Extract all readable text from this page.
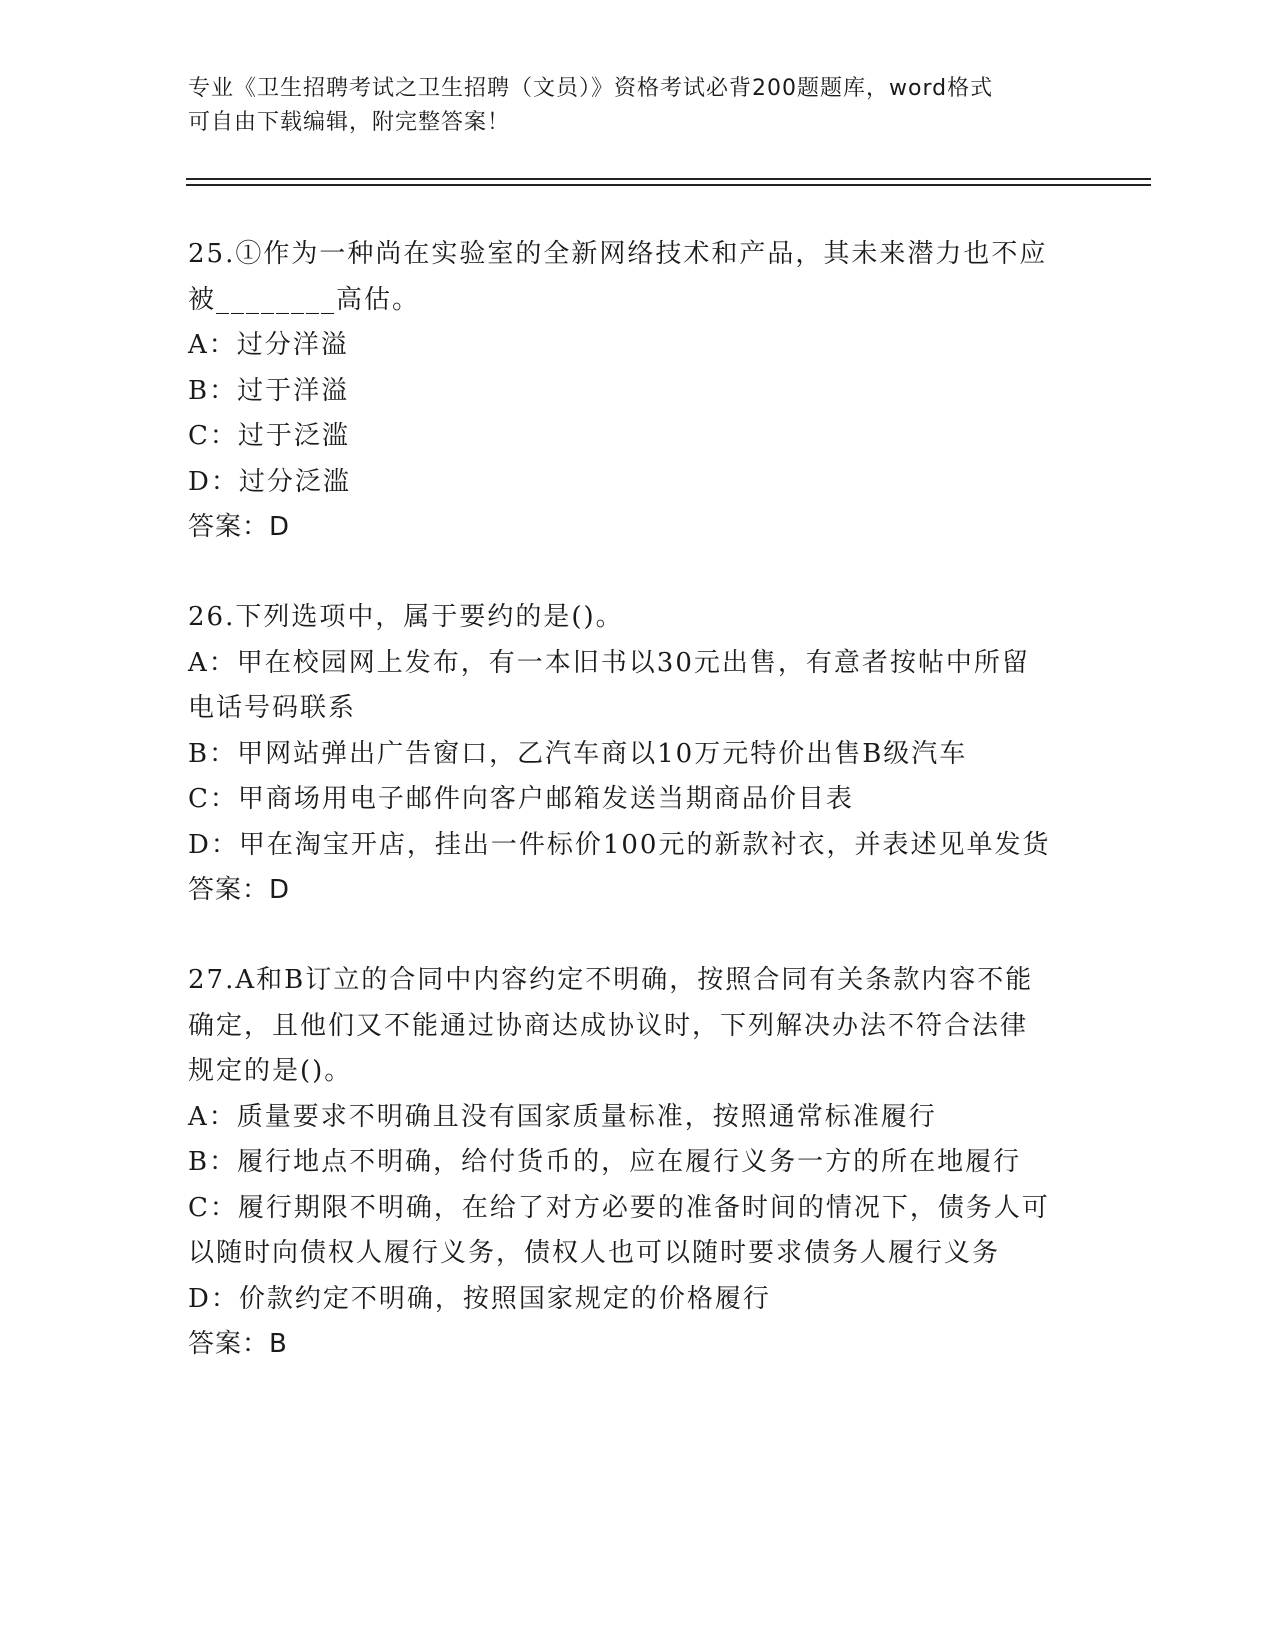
专业《卫生招聘考试之卫生招聘（文员）》资格考试必背200题题库，word格式
可自由下载编辑，附完整答案！
25.①作为一种尚在实验室的全新网络技术和产品，其未来潜力也不应
被________高估。
A：过分洋溢
B：过于洋溢
C：过于泛滥
D：过分泛滥
答案：D
26.下列选项中，属于要约的是()。
A：甲在校园网上发布，有一本旧书以30元出售，有意者按帖中所留
电话号码联系
B：甲网站弹出广告窗口，乙汽车商以10万元特价出售B级汽车
C：甲商场用电子邮件向客户邮箱发送当期商品价目表
D：甲在淘宝开店，挂出一件标价100元的新款衬衣，并表述见单发货
答案：D
27.A和B订立的合同中内容约定不明确，按照合同有关条款内容不能
确定，且他们又不能通过协商达成协议时，下列解决办法不符合法律
规定的是()。
A：质量要求不明确且没有国家质量标准，按照通常标准履行
B：履行地点不明确，给付货币的，应在履行义务一方的所在地履行
C：履行期限不明确，在给了对方必要的准备时间的情况下，债务人可
以随时向债权人履行义务，债权人也可以随时要求债务人履行义务
D：价款约定不明确，按照国家规定的价格履行
答案：B
